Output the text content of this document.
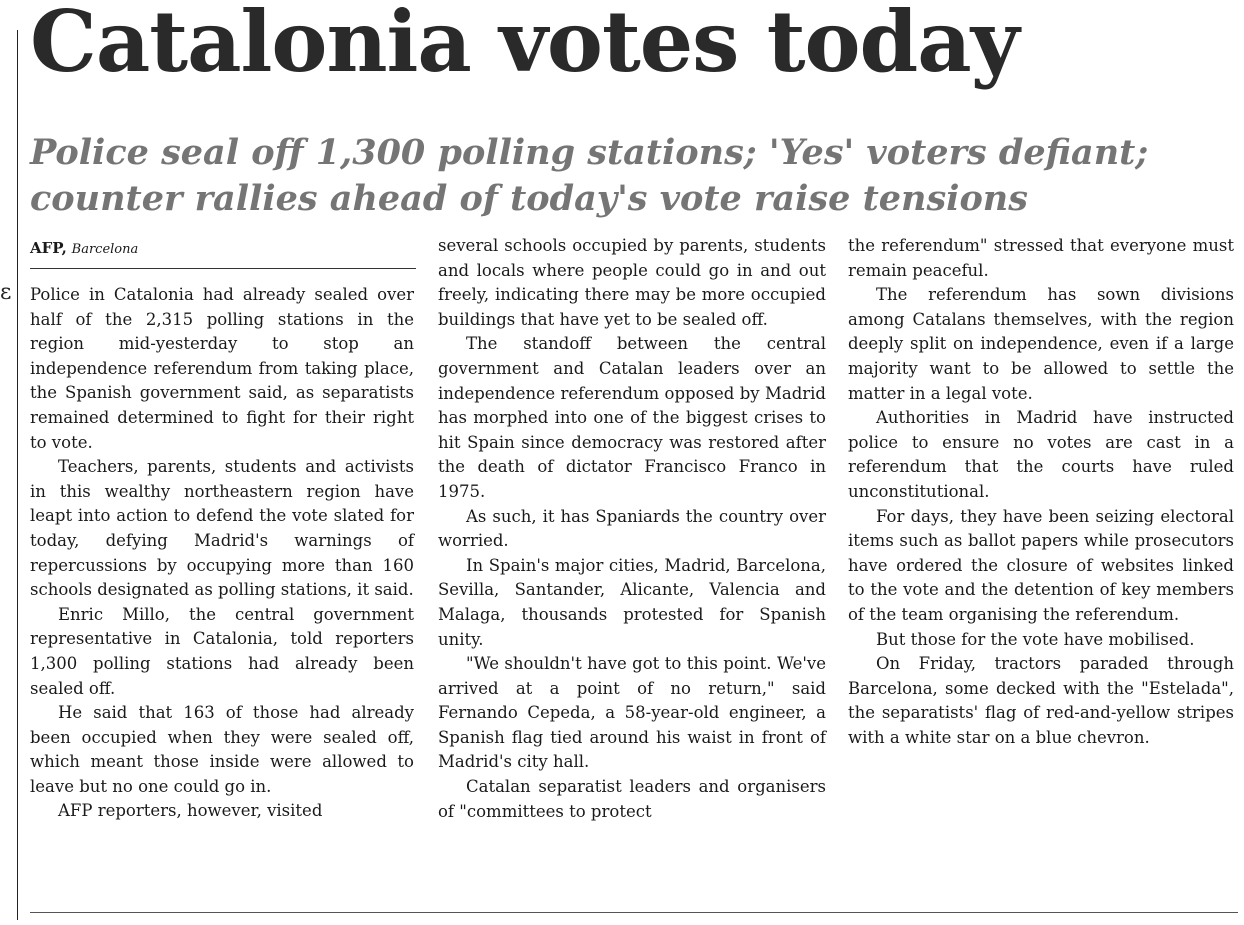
ɛ
Catalonia votes today
Police seal off 1,300 polling stations; 'Yes' voters defiant; counter rallies ahead of today's vote raise tensions
AFP, Barcelona

Police in Catalonia had already sealed over half of the 2,315 polling stations in the region mid-yesterday to stop an independence referendum from taking place, the Spanish government said, as separatists remained determined to fight for their right to vote.

Teachers, parents, students and activists in this wealthy northeastern region have leapt into action to defend the vote slated for today, defying Madrid's warnings of repercussions by occupying more than 160 schools designated as polling stations, it said.

Enric Millo, the central government representative in Catalonia, told reporters 1,300 polling stations had already been sealed off.

He said that 163 of those had already been occupied when they were sealed off, which meant those inside were allowed to leave but no one could go in.

AFP reporters, however, visited

several schools occupied by parents, students and locals where people could go in and out freely, indicating there may be more occupied buildings that have yet to be sealed off.

The standoff between the central government and Catalan leaders over an independence referendum opposed by Madrid has morphed into one of the biggest crises to hit Spain since democracy was restored after the death of dictator Francisco Franco in 1975.

As such, it has Spaniards the country over worried.

In Spain's major cities, Madrid, Barcelona, Sevilla, Santander, Alicante, Valencia and Malaga, thousands protested for Spanish unity.

"We shouldn't have got to this point. We've arrived at a point of no return," said Fernando Cepeda, a 58-year-old engineer, a Spanish flag tied around his waist in front of Madrid's city hall.

Catalan separatist leaders and organisers of "committees to protect

the referendum" stressed that everyone must remain peaceful.

The referendum has sown divisions among Catalans themselves, with the region deeply split on independence, even if a large majority want to be allowed to settle the matter in a legal vote.

Authorities in Madrid have instructed police to ensure no votes are cast in a referendum that the courts have ruled unconstitutional.

For days, they have been seizing electoral items such as ballot papers while prosecutors have ordered the closure of websites linked to the vote and the detention of key members of the team organising the referendum.

But those for the vote have mobilised.

On Friday, tractors paraded through Barcelona, some decked with the "Estelada", the separatists' flag of red-and-yellow stripes with a white star on a blue chevron.
